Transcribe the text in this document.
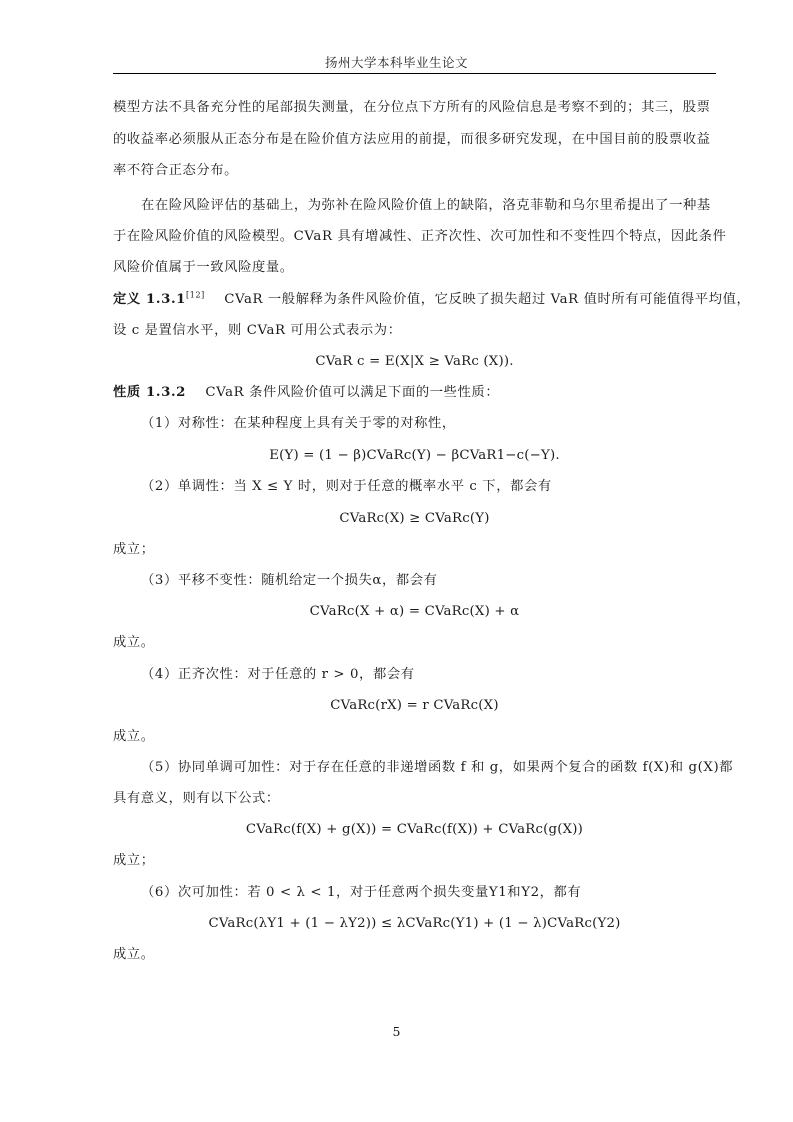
扬州大学本科毕业生论文
模型方法不具备充分性的尾部损失测量，在分位点下方所有的风险信息是考察不到的；其三，股票
的收益率必须服从正态分布是在险价值方法应用的前提，而很多研究发现，在中国目前的股票收益
率不符合正态分布。
在在险风险评估的基础上，为弥补在险风险价值上的缺陷，洛克菲勒和乌尔里希提出了一种基
于在险风险价值的风险模型。CVaR 具有增减性、正齐次性、次可加性和不变性四个特点，因此条件
风险价值属于一致风险度量。
定义 1.3.1[12] CVaR 一般解释为条件风险价值，它反映了损失超过 VaR 值时所有可能值得平均值，
设 c 是置信水平，则 CVaR 可用公式表示为：
CVaR c = E(X|X ≥ VaRc (X)).
性质 1.3.2 CVaR 条件风险价值可以满足下面的一些性质：
（1）对称性：在某种程度上具有关于零的对称性，
E(Y) = (1 − β)CVaRc(Y) − βCVaR1−c(−Y).
（2）单调性：当 X ≤ Y 时，则对于任意的概率水平 c 下，都会有
CVaRc(X) ≥ CVaRc(Y)
成立；
（3）平移不变性：随机给定一个损失α，都会有
CVaRc(X + α) = CVaRc(X) + α
成立。
（4）正齐次性：对于任意的 r > 0，都会有
CVaRc(rX) = r CVaRc(X)
成立。
（5）协同单调可加性：对于存在任意的非递增函数 f 和 g，如果两个复合的函数 f(X)和 g(X)都
具有意义，则有以下公式：
CVaRc(f(X) + g(X)) = CVaRc(f(X)) + CVaRc(g(X))
成立；
（6）次可加性：若 0 < λ < 1，对于任意两个损失变量Y1和Y2，都有
CVaRc(λY1 + (1 − λY2)) ≤ λCVaRc(Y1) + (1 − λ)CVaRc(Y2)
成立。
5
